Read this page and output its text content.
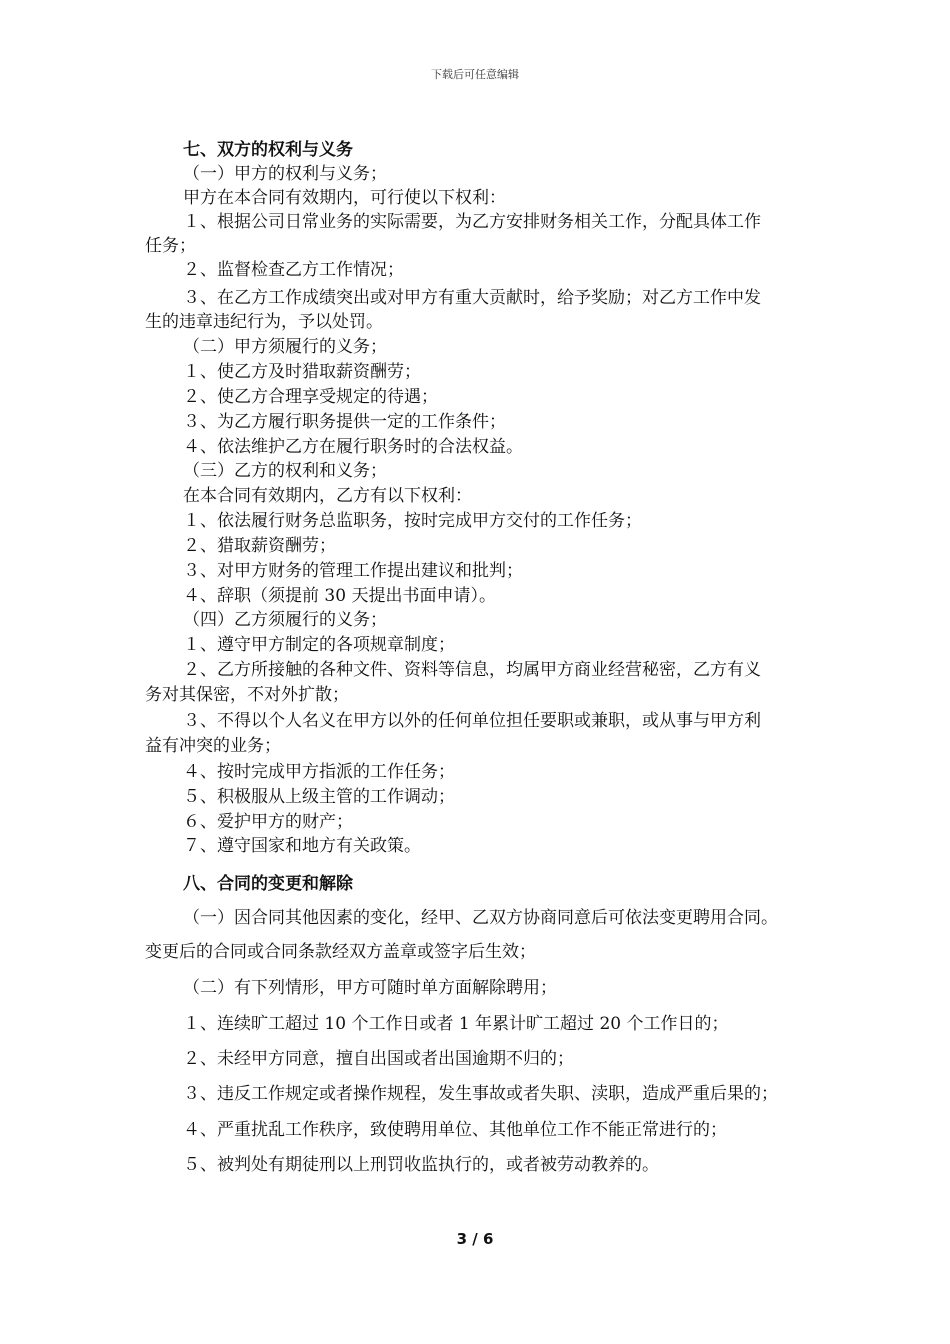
下载后可任意编辑
七、双方的权利与义务
（一）甲方的权利与义务；
甲方在本合同有效期内，可行使以下权利：
１、根据公司日常业务的实际需要，为乙方安排财务相关工作，分配具体工作
任务；
２、监督检查乙方工作情况；
３、在乙方工作成绩突出或对甲方有重大贡献时，给予奖励；对乙方工作中发
生的违章违纪行为，予以处罚。
（二）甲方须履行的义务；
１、使乙方及时猎取薪资酬劳；
２、使乙方合理享受规定的待遇；
３、为乙方履行职务提供一定的工作条件；
４、依法维护乙方在履行职务时的合法权益。
（三）乙方的权利和义务；
在本合同有效期内，乙方有以下权利：
１、依法履行财务总监职务，按时完成甲方交付的工作任务；
２、猎取薪资酬劳；
３、对甲方财务的管理工作提出建议和批判；
４、辞职（须提前 30 天提出书面申请）。
（四）乙方须履行的义务；
１、遵守甲方制定的各项规章制度；
２、乙方所接触的各种文件、资料等信息，均属甲方商业经营秘密，乙方有义
务对其保密，不对外扩散；
３、不得以个人名义在甲方以外的任何单位担任要职或兼职，或从事与甲方利
益有冲突的业务；
４、按时完成甲方指派的工作任务；
５、积极服从上级主管的工作调动；
６、爱护甲方的财产；
７、遵守国家和地方有关政策。
八、合同的变更和解除
（一）因合同其他因素的变化，经甲、乙双方协商同意后可依法变更聘用合同。
变更后的合同或合同条款经双方盖章或签字后生效；
（二）有下列情形，甲方可随时单方面解除聘用；
１、连续旷工超过 10 个工作日或者 1 年累计旷工超过 20 个工作日的；
２、未经甲方同意，擅自出国或者出国逾期不归的；
３、违反工作规定或者操作规程，发生事故或者失职、渎职，造成严重后果的；
４、严重扰乱工作秩序，致使聘用单位、其他单位工作不能正常进行的；
５、被判处有期徒刑以上刑罚收监执行的，或者被劳动教养的。
3 / 6
